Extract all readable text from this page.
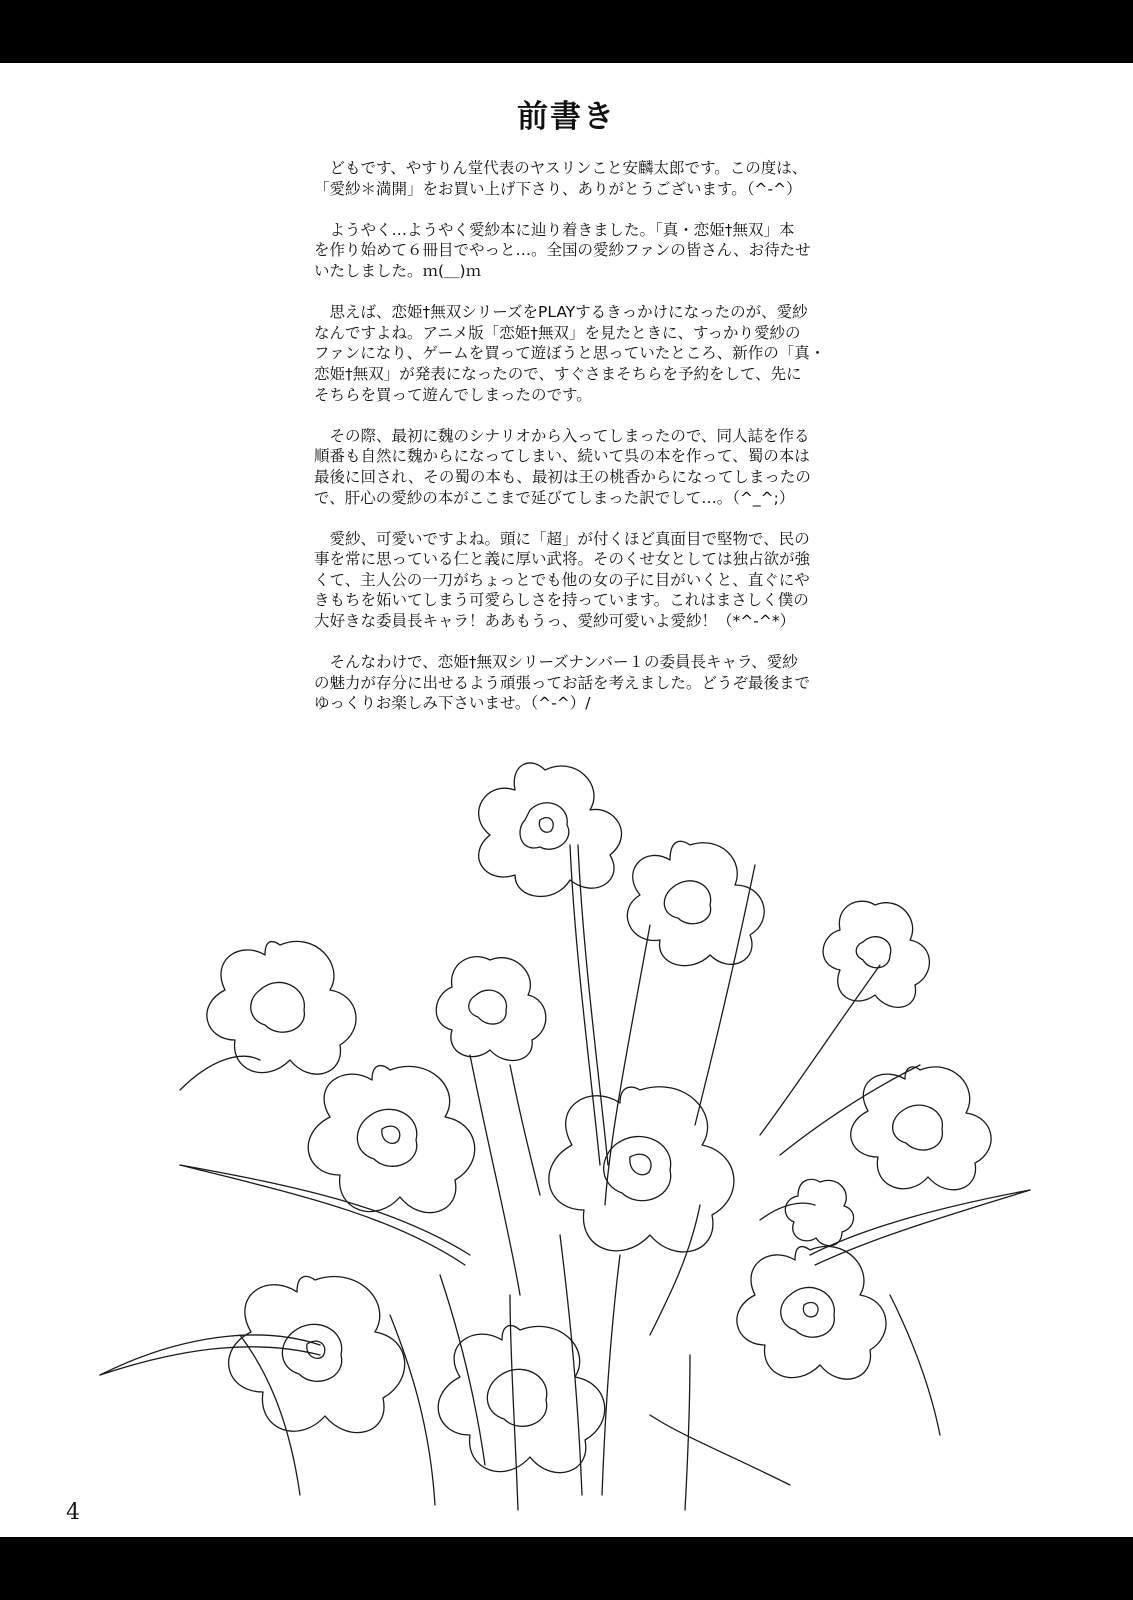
前書き
　どもです、やすりん堂代表のヤスリンこと安麟太郎です。この度は、
「愛紗＊満開」をお買い上げ下さり、ありがとうございます。（^-^）
　ようやく…ようやく愛紗本に辿り着きました。「真・恋姫†無双」本
を作り始めて６冊目でやっと…。全国の愛紗ファンの皆さん、お待たせ
いたしました。ｍ(＿)ｍ
　思えば、恋姫†無双シリーズをPLAYするきっかけになったのが、愛紗
なんですよね。アニメ版「恋姫†無双」を見たときに、すっかり愛紗の
ファンになり、ゲームを買って遊ぼうと思っていたところ、新作の「真・
恋姫†無双」が発表になったので、すぐさまそちらを予約をして、先に
そちらを買って遊んでしまったのです。
　その際、最初に魏のシナリオから入ってしまったので、同人誌を作る
順番も自然に魏からになってしまい、続いて呉の本を作って、蜀の本は
最後に回され、その蜀の本も、最初は王の桃香からになってしまったの
で、肝心の愛紗の本がここまで延びてしまった訳でして…。（^_^;）
　愛紗、可愛いですよね。頭に「超」が付くほど真面目で堅物で、民の
事を常に思っている仁と義に厚い武将。そのくせ女としては独占欲が強
くて、主人公の一刀がちょっとでも他の女の子に目がいくと、直ぐにや
きもちを妬いてしまう可愛らしさを持っています。これはまさしく僕の
大好きな委員長キャラ！ああもうっ、愛紗可愛いよ愛紗！（*^-^*）
　そんなわけで、恋姫†無双シリーズナンバー１の委員長キャラ、愛紗
の魅力が存分に出せるよう頑張ってお話を考えました。どうぞ最後まで
ゆっくりお楽しみ下さいませ。（^-^）/
4
